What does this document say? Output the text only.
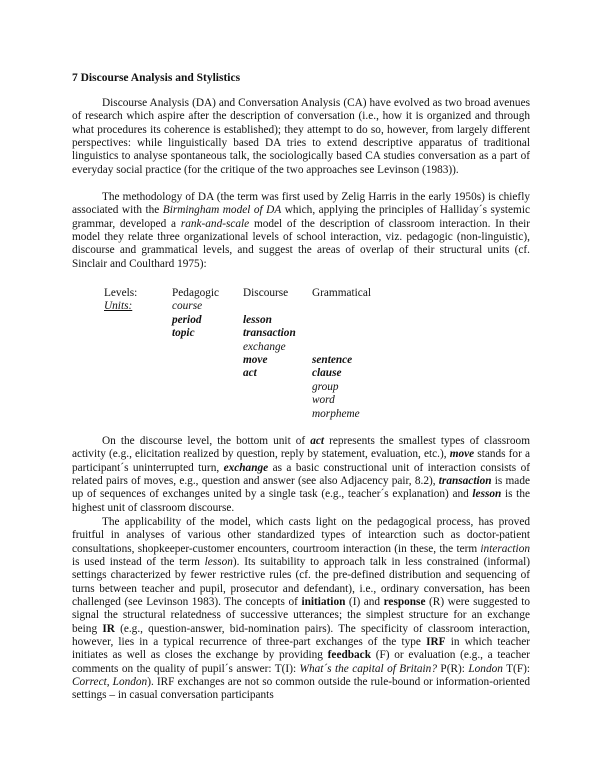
7 Discourse Analysis and Stylistics

Discourse Analysis (DA) and Conversation Analysis (CA) have evolved as two broad avenues of research which aspire after the description of conversation (i.e., how it is organized and through what procedures its coherence is established); they attempt to do so, however, from largely different perspectives: while linguistically based DA tries to extend descriptive apparatus of traditional linguistics to analyse spontaneous talk, the sociologically based CA studies conversation as a part of everyday social practice (for the critique of the two approaches see Levinson (1983)).

The methodology of DA (the term was first used by Zelig Harris in the early 1950s) is chiefly associated with the Birmingham model of DA which, applying the principles of Halliday´s systemic grammar, developed a rank-and-scale model of the description of classroom interaction. In their model they relate three organizational levels of school interaction, viz. pedagogic (non-linguistic), discourse and grammatical levels, and suggest the areas of overlap of their structural units (cf. Sinclair and Coulthard 1975):

Levels:	Pedagogic Discourse Grammatical
Units:	course
period
topic
lesson
transaction
exchange
move
act
sentence
clause
group
word
morpheme

On the discourse level, the bottom unit of act represents the smallest types of classroom activity (e.g., elicitation realized by question, reply by statement, evaluation, etc.), move stands for a participant´s uninterrupted turn, exchange as a basic constructional unit of interaction consists of related pairs of moves, e.g., question and answer (see also Adjacency pair, 8.2), transaction is made up of sequences of exchanges united by a single task (e.g., teacher´s explanation) and lesson is the highest unit of classroom discourse.

The applicability of the model, which casts light on the pedagogical process, has proved fruitful in analyses of various other standardized types of intearction such as doctor-patient consultations, shopkeeper-customer encounters, courtroom interaction (in these, the term interaction is used instead of the term lesson). Its suitability to approach talk in less constrained (informal) settings characterized by fewer restrictive rules (cf. the pre-defined distribution and sequencing of turns between teacher and pupil, prosecutor and defendant), i.e., ordinary conversation, has been challenged (see Levinson 1983). The concepts of initiation (I) and response (R) were suggested to signal the structural relatedness of successive utterances; the simplest structure for an exchange being IR (e.g., question-answer, bid-nomination pairs). The specificity of classroom interaction, however, lies in a typical recurrence of three-part exchanges of the type IRF in which teacher initiates as well as closes the exchange by providing feedback (F) or evaluation (e.g., a teacher comments on the quality of pupil´s answer: T(I): What´s the capital of Britain? P(R): London T(F): Correct, London). IRF exchanges are not so common outside the rule-bound or information-oriented settings – in casual conversation participants
